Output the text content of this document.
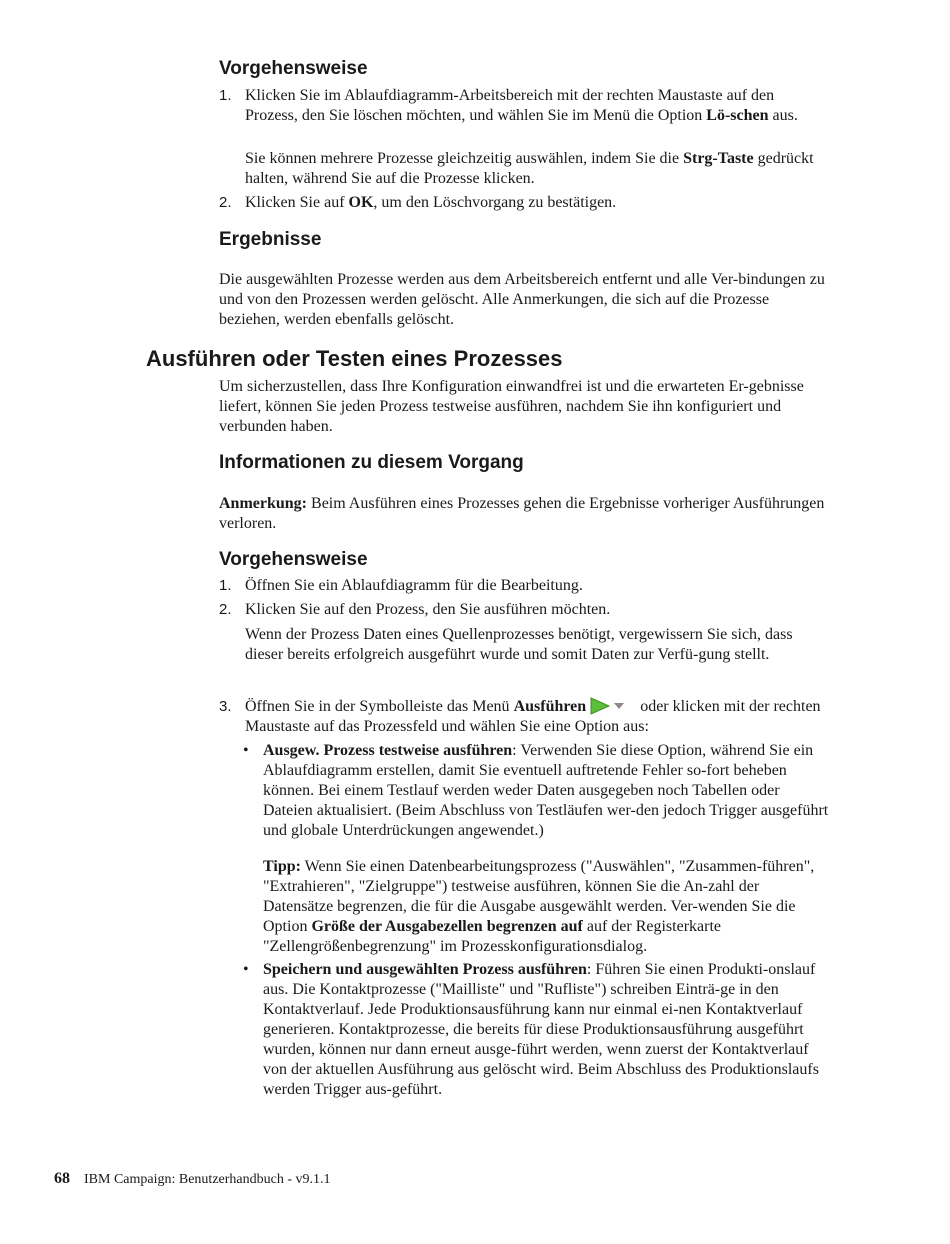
Vorgehensweise
1. Klicken Sie im Ablaufdiagramm-Arbeitsbereich mit der rechten Maustaste auf den Prozess, den Sie löschen möchten, und wählen Sie im Menü die Option Lö-schen aus.
Sie können mehrere Prozesse gleichzeitig auswählen, indem Sie die Strg-Taste gedrückt halten, während Sie auf die Prozesse klicken.
2. Klicken Sie auf OK, um den Löschvorgang zu bestätigen.
Ergebnisse
Die ausgewählten Prozesse werden aus dem Arbeitsbereich entfernt und alle Ver-bindungen zu und von den Prozessen werden gelöscht. Alle Anmerkungen, die sich auf die Prozesse beziehen, werden ebenfalls gelöscht.
Ausführen oder Testen eines Prozesses
Um sicherzustellen, dass Ihre Konfiguration einwandfrei ist und die erwarteten Er-gebnisse liefert, können Sie jeden Prozess testweise ausführen, nachdem Sie ihn konfiguriert und verbunden haben.
Informationen zu diesem Vorgang
Anmerkung: Beim Ausführen eines Prozesses gehen die Ergebnisse vorheriger Ausführungen verloren.
Vorgehensweise
1. Öffnen Sie ein Ablaufdiagramm für die Bearbeitung.
2. Klicken Sie auf den Prozess, den Sie ausführen möchten.
Wenn der Prozess Daten eines Quellenprozesses benötigt, vergewissern Sie sich, dass dieser bereits erfolgreich ausgeführt wurde und somit Daten zur Verfü-gung stellt.
3. Öffnen Sie in der Symbolleiste das Menü Ausführen	oder klicken mit der rechten Maustaste auf das Prozessfeld und wählen Sie eine Option aus:
• Ausgew. Prozess testweise ausführen: Verwenden Sie diese Option, während Sie ein Ablaufdiagramm erstellen, damit Sie eventuell auftretende Fehler so-fort beheben können. Bei einem Testlauf werden weder Daten ausgegeben noch Tabellen oder Dateien aktualisiert. (Beim Abschluss von Testläufen wer-den jedoch Trigger ausgeführt und globale Unterdrückungen angewendet.)
Tipp: Wenn Sie einen Datenbearbeitungsprozess ("Auswählen", "Zusammen-führen", "Extrahieren", "Zielgruppe") testweise ausführen, können Sie die An-zahl der Datensätze begrenzen, die für die Ausgabe ausgewählt werden. Ver-wenden Sie die Option Größe der Ausgabezellen begrenzen auf auf der Registerkarte "Zellengrößenbegrenzung" im Prozesskonfigurationsdialog.
• Speichern und ausgewählten Prozess ausführen: Führen Sie einen Produkti-onslauf aus. Die Kontaktprozesse ("Mailliste" und "Rufliste") schreiben Einträ-ge in den Kontaktverlauf. Jede Produktionsausführung kann nur einmal ei-nen Kontaktverlauf generieren. Kontaktprozesse, die bereits für diese Produktionsausführung ausgeführt wurden, können nur dann erneut ausge-führt werden, wenn zuerst der Kontaktverlauf von der aktuellen Ausführung aus gelöscht wird. Beim Abschluss des Produktionslaufs werden Trigger aus-geführt.
68 IBM Campaign: Benutzerhandbuch - v9.1.1
